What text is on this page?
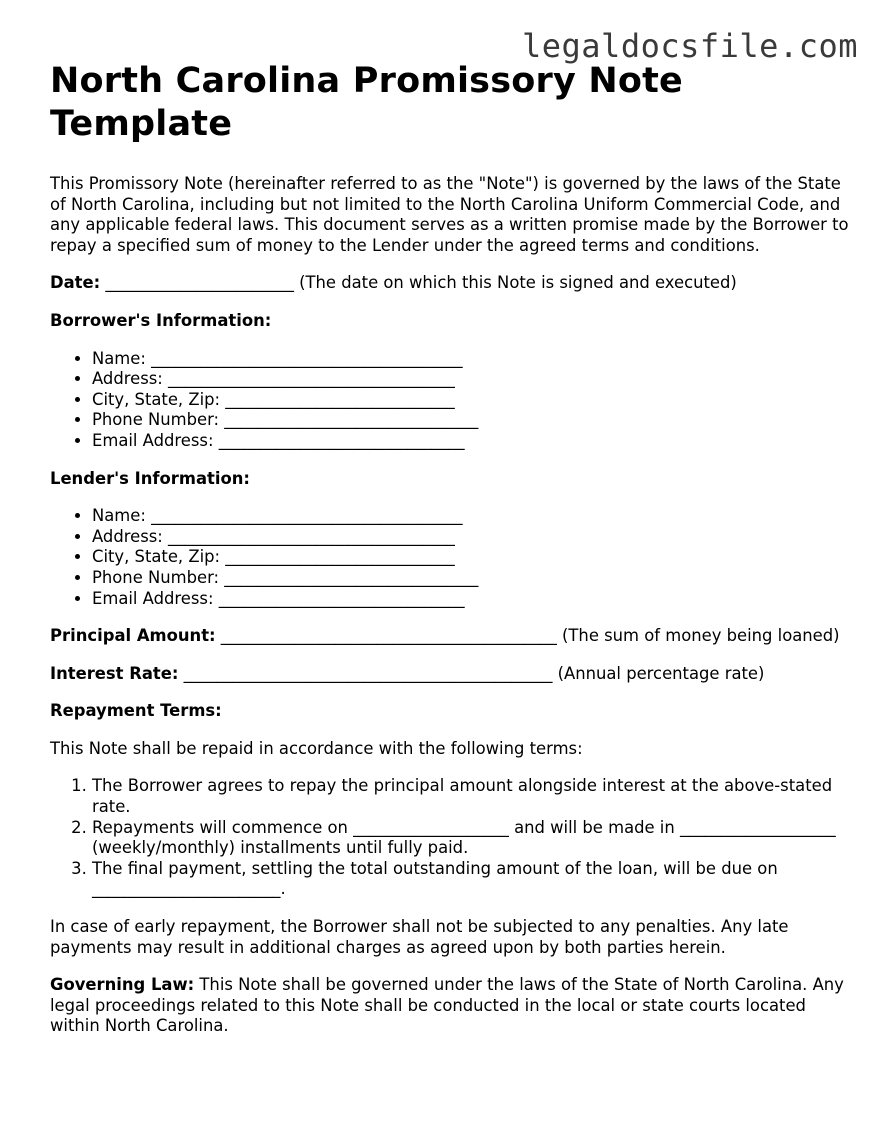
legaldocsfile.com
North Carolina Promissory Note Template

This Promissory Note (hereinafter referred to as the "Note") is governed by the laws of the State of North Carolina, including but not limited to the North Carolina Uniform Commercial Code, and any applicable federal laws. This document serves as a written promise made by the Borrower to repay a specified sum of money to the Lender under the agreed terms and conditions.

Date: _______________________ (The date on which this Note is signed and executed)

Borrower's Information:

• Name: ______________________________________
• Address: ___________________________________
• City, State, Zip: ____________________________
• Phone Number: _______________________________
• Email Address: ______________________________

Lender's Information:

• Name: ______________________________________
• Address: ___________________________________
• City, State, Zip: ____________________________
• Phone Number: _______________________________
• Email Address: ______________________________

Principal Amount: _________________________________________ (The sum of money being loaned)

Interest Rate: _____________________________________________ (Annual percentage rate)

Repayment Terms:

This Note shall be repaid in accordance with the following terms:

1. The Borrower agrees to repay the principal amount alongside interest at the above-stated rate.
2. Repayments will commence on ___________________ and will be made in ___________________ (weekly/monthly) installments until fully paid.
3. The final payment, settling the total outstanding amount of the loan, will be due on _______________________.

In case of early repayment, the Borrower shall not be subjected to any penalties. Any late payments may result in additional charges as agreed upon by both parties herein.

Governing Law: This Note shall be governed under the laws of the State of North Carolina. Any legal proceedings related to this Note shall be conducted in the local or state courts located within North Carolina.
